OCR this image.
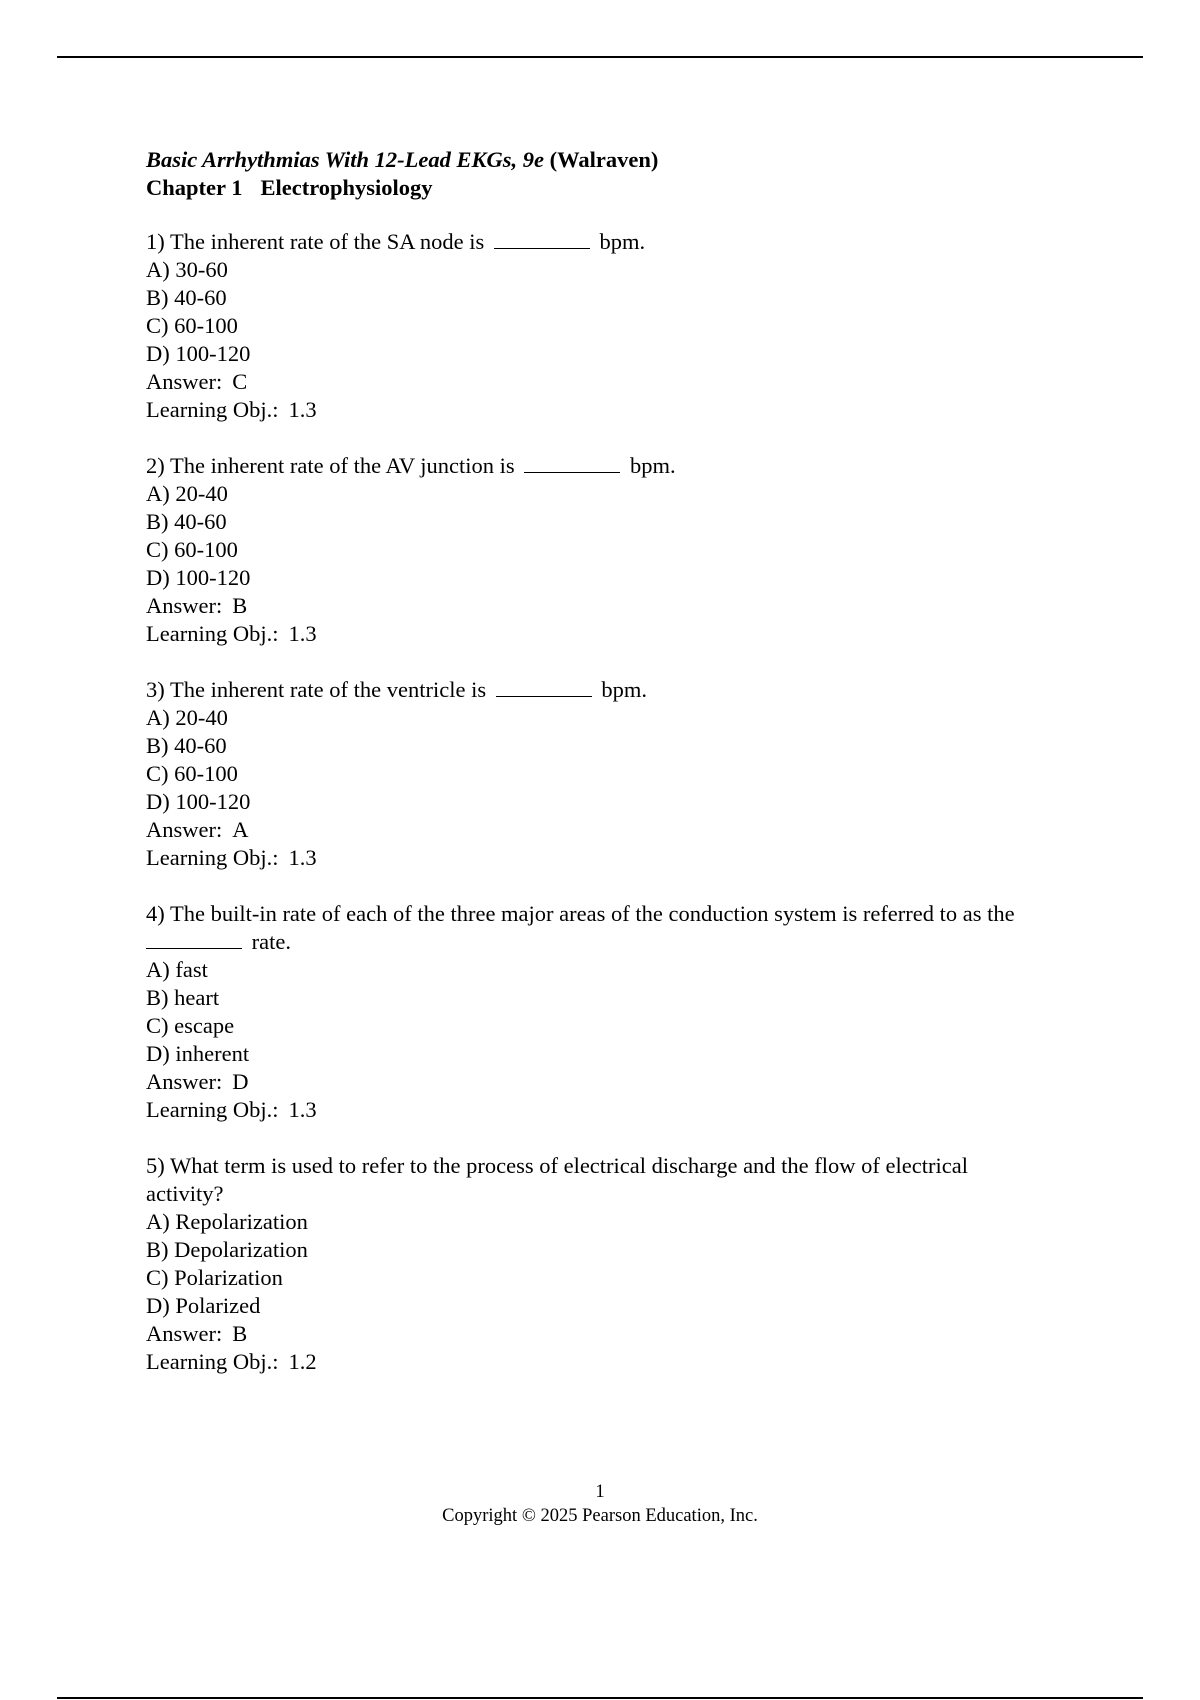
Basic Arrhythmias With 12-Lead EKGs, 9e (Walraven)
Chapter 1 Electrophysiology
1) The inherent rate of the SA node is	bpm.
A) 30-60
B) 40-60
C) 60-100
D) 100-120
Answer: C
Learning Obj.: 1.3
2) The inherent rate of the AV junction is	bpm.
A) 20-40
B) 40-60
C) 60-100
D) 100-120
Answer: B
Learning Obj.: 1.3
3) The inherent rate of the ventricle is	bpm.
A) 20-40
B) 40-60
C) 60-100
D) 100-120
Answer: A
Learning Obj.: 1.3
4) The built-in rate of each of the three major areas of the conduction system is referred to as the
rate.
A) fast
B) heart
C) escape
D) inherent
Answer: D
Learning Obj.: 1.3
5) What term is used to refer to the process of electrical discharge and the flow of electrical
activity?
A) Repolarization
B) Depolarization
C) Polarization
D) Polarized
Answer: B
Learning Obj.: 1.2
1
Copyright © 2025 Pearson Education, Inc.
